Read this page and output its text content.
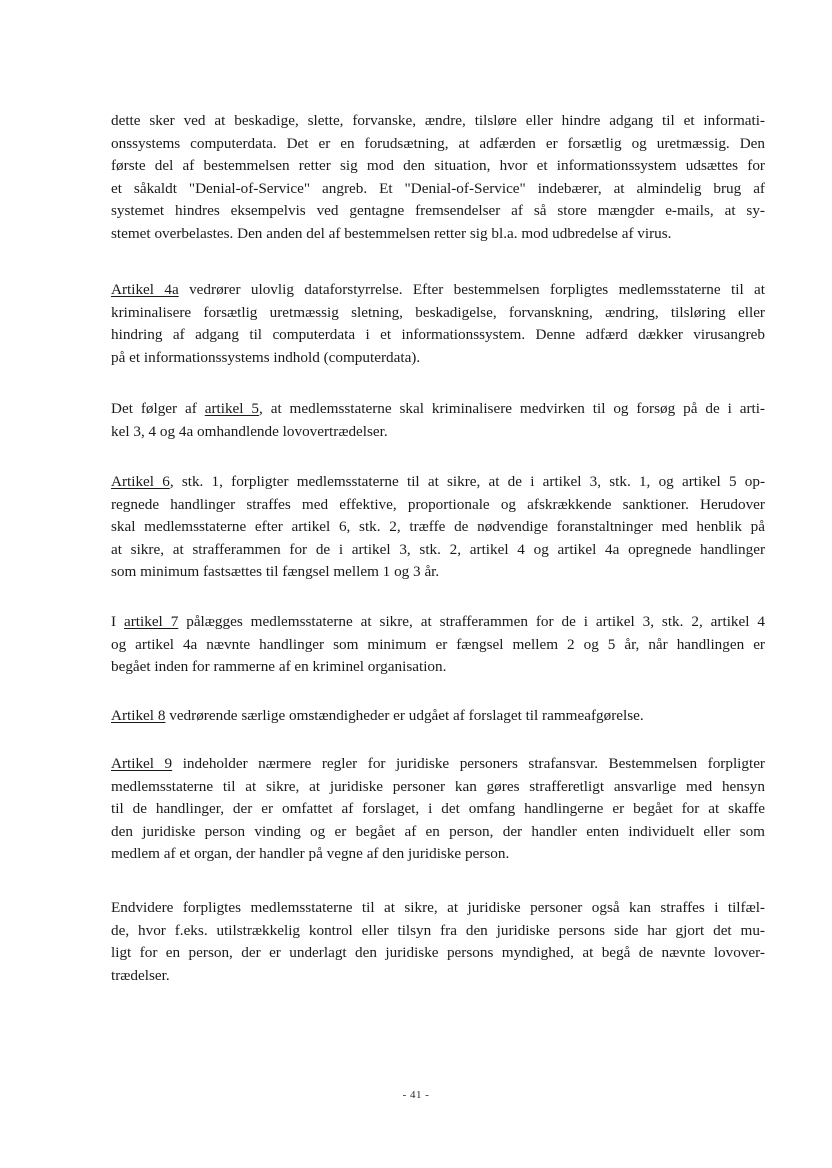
dette sker ved at beskadige, slette, forvanske, ændre, tilsløre eller hindre adgang til et informati-
onssystems computerdata. Det er en forudsætning, at adfærden er forsætlig og uretmæssig. Den
første del af bestemmelsen retter sig mod den situation, hvor et informationssystem udsættes for
et såkaldt "Denial-of-Service" angreb. Et "Denial-of-Service" indebærer, at almindelig brug af
systemet hindres eksempelvis ved gentagne fremsendelser af så store mængder e-mails, at sy-
stemet overbelastes. Den anden del af bestemmelsen retter sig bl.a. mod udbredelse af virus.
Artikel 4a vedrører ulovlig dataforstyrrelse. Efter bestemmelsen forpligtes medlemsstaterne til at
kriminalisere forsætlig uretmæssig sletning, beskadigelse, forvanskning, ændring, tilsløring eller
hindring af adgang til computerdata i et informationssystem. Denne adfærd dækker virusangreb
på et informationssystems indhold (computerdata).
Det følger af artikel 5, at medlemsstaterne skal kriminalisere medvirken til og forsøg på de i arti-
kel 3, 4 og 4a omhandlende lovovertrædelser.
Artikel 6, stk. 1, forpligter medlemsstaterne til at sikre, at de i artikel 3, stk. 1, og artikel 5 op-
regnede handlinger straffes med effektive, proportionale og afskrækkende sanktioner. Herudover
skal medlemsstaterne efter artikel 6, stk. 2, træffe de nødvendige foranstaltninger med henblik på
at sikre, at strafferammen for de i artikel 3, stk. 2, artikel 4 og artikel 4a opregnede handlinger
som minimum fastsættes til fængsel mellem 1 og 3 år.
I artikel 7 pålægges medlemsstaterne at sikre, at strafferammen for de i artikel 3, stk. 2, artikel 4
og artikel 4a nævnte handlinger som minimum er fængsel mellem 2 og 5 år, når handlingen er
begået inden for rammerne af en kriminel organisation.
Artikel 8 vedrørende særlige omstændigheder er udgået af forslaget til rammeafgørelse.
Artikel 9 indeholder nærmere regler for juridiske personers strafansvar. Bestemmelsen forpligter
medlemsstaterne til at sikre, at juridiske personer kan gøres strafferetligt ansvarlige med hensyn
til de handlinger, der er omfattet af forslaget, i det omfang handlingerne er begået for at skaffe
den juridiske person vinding og er begået af en person, der handler enten individuelt eller som
medlem af et organ, der handler på vegne af den juridiske person.
Endvidere forpligtes medlemsstaterne til at sikre, at juridiske personer også kan straffes i tilfæl-
de, hvor f.eks. utilstrækkelig kontrol eller tilsyn fra den juridiske persons side har gjort det mu-
ligt for en person, der er underlagt den juridiske persons myndighed, at begå de nævnte lovover-
trædelser.
- 41 -
